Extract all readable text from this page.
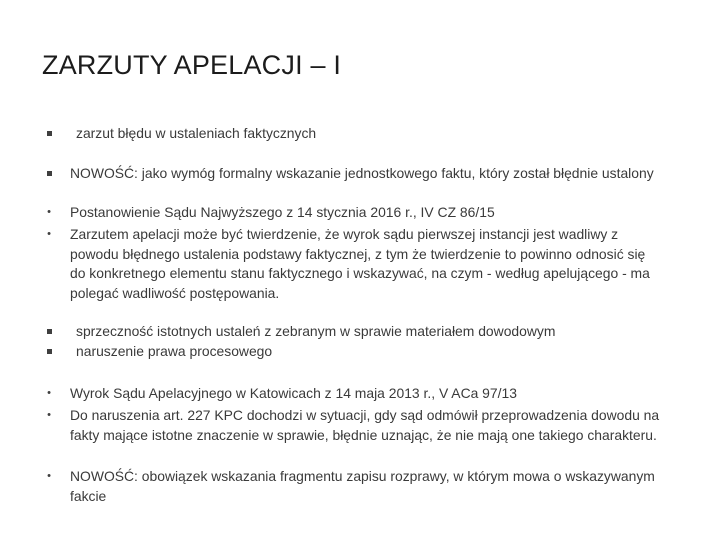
ZARZUTY APELACJI – I
zarzut błędu w ustaleniach faktycznych
NOWOŚĆ: jako wymóg formalny wskazanie jednostkowego faktu, który został błędnie ustalony
• Postanowienie Sądu Najwyższego z 14 stycznia 2016 r., IV CZ 86/15
• Zarzutem apelacji może być twierdzenie, że wyrok sądu pierwszej instancji jest wadliwy z powodu błędnego ustalenia podstawy faktycznej, z tym że twierdzenie to powinno odnosić się do konkretnego elementu stanu faktycznego i wskazywać, na czym - według apelującego - ma polegać wadliwość postępowania.
sprzeczność istotnych ustaleń z zebranym w sprawie materiałem dowodowym
naruszenie prawa procesowego
• Wyrok Sądu Apelacyjnego w Katowicach z 14 maja 2013 r., V ACa 97/13
• Do naruszenia art. 227 KPC dochodzi w sytuacji, gdy sąd odmówił przeprowadzenia dowodu na fakty mające istotne znaczenie w sprawie, błędnie uznając, że nie mają one takiego charakteru.
• NOWOŚĆ: obowiązek wskazania fragmentu zapisu rozprawy, w którym mowa o wskazywanym fakcie
